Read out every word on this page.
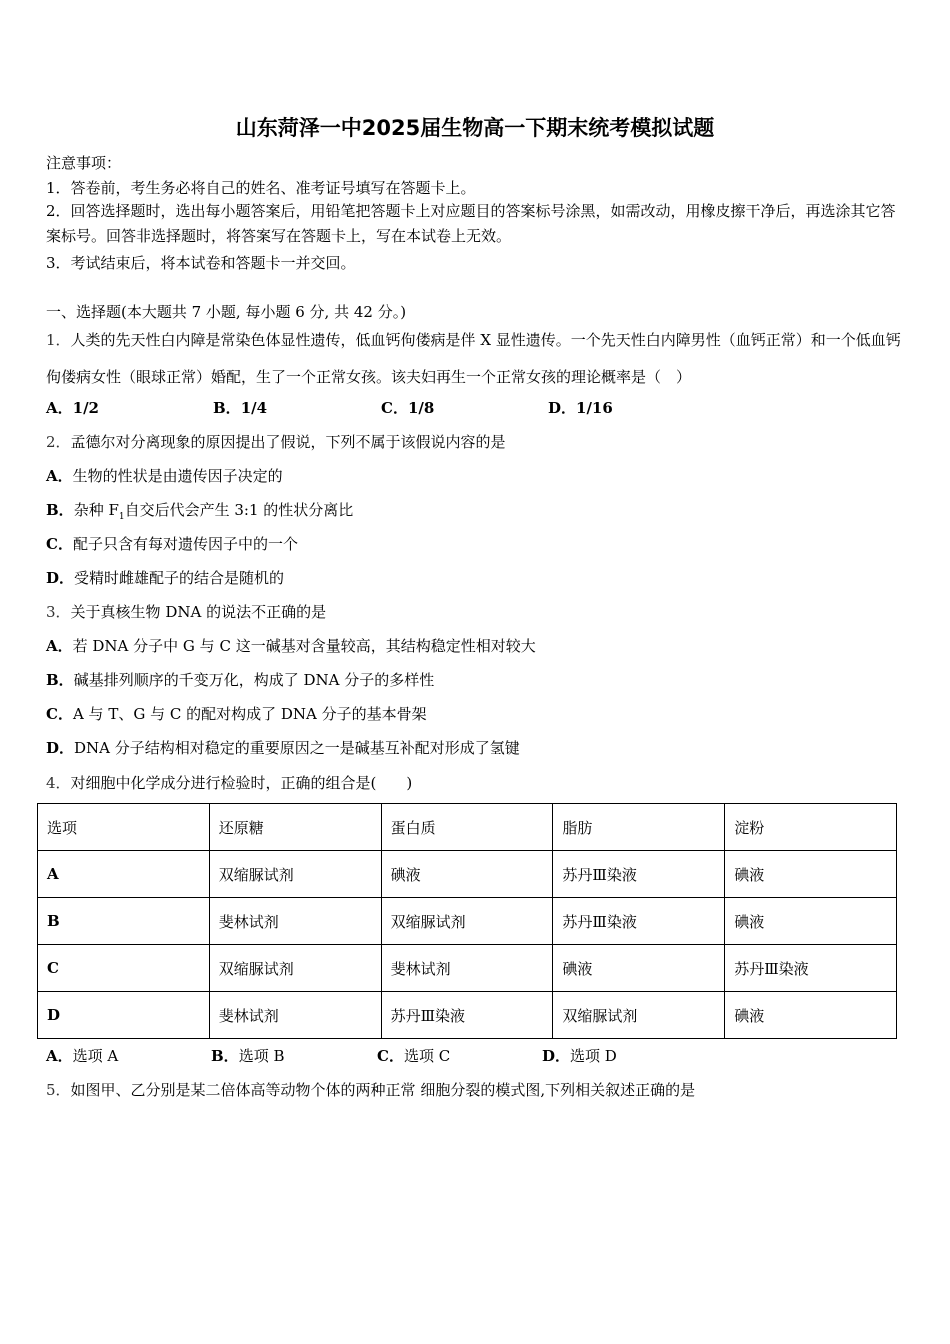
山东菏泽一中2025届生物高一下期末统考模拟试题
注意事项：
1．答卷前，考生务必将自己的姓名、准考证号填写在答题卡上。
2．回答选择题时，选出每小题答案后，用铅笔把答题卡上对应题目的答案标号涂黑，如需改动，用橡皮擦干净后，再选涂其它答案标号。回答非选择题时，将答案写在答题卡上，写在本试卷上无效。
3．考试结束后，将本试卷和答题卡一并交回。
一、选择题(本大题共 7 小题, 每小题 6 分, 共 42 分。)
1．人类的先天性白内障是常染色体显性遗传，低血钙佝偻病是伴 X 显性遗传。一个先天性白内障男性（血钙正常）和一个低血钙佝偻病女性（眼球正常）婚配，生了一个正常女孩。该夫妇再生一个正常女孩的理论概率是（　）
A．1/2	B．1/4	C．1/8	D．1/16
2．孟德尔对分离现象的原因提出了假说，下列不属于该假说内容的是
A．生物的性状是由遗传因子决定的
B．杂种 $F_1$自交后代会产生 3:1 的性状分离比
C．配子只含有每对遗传因子中的一个
D．受精时雌雄配子的结合是随机的
3．关于真核生物 DNA 的说法不正确的是
A．若 DNA 分子中 G 与 C 这一碱基对含量较高，其结构稳定性相对较大
B．碱基排列顺序的千变万化，构成了 DNA 分子的多样性
C．A 与 T、G 与 C 的配对构成了 DNA 分子的基本骨架
D．DNA 分子结构相对稳定的重要原因之一是碱基互补配对形成了氢键
4．对细胞中化学成分进行检验时，正确的组合是(　　)
选项	还原糖	蛋白质	脂肪	淀粉
A	双缩脲试剂	碘液	苏丹Ⅲ染液	碘液
B	斐林试剂	双缩脲试剂	苏丹Ⅲ染液	碘液
C	双缩脲试剂	斐林试剂	碘液	苏丹Ⅲ染液
D	斐林试剂	苏丹Ⅲ染液	双缩脲试剂	碘液
A．选项 A	B．选项 B	C．选项 C	D．选项 D
5．如图甲、乙分别是某二倍体高等动物个体的两种正常 细胞分裂的模式图,下列相关叙述正确的是
